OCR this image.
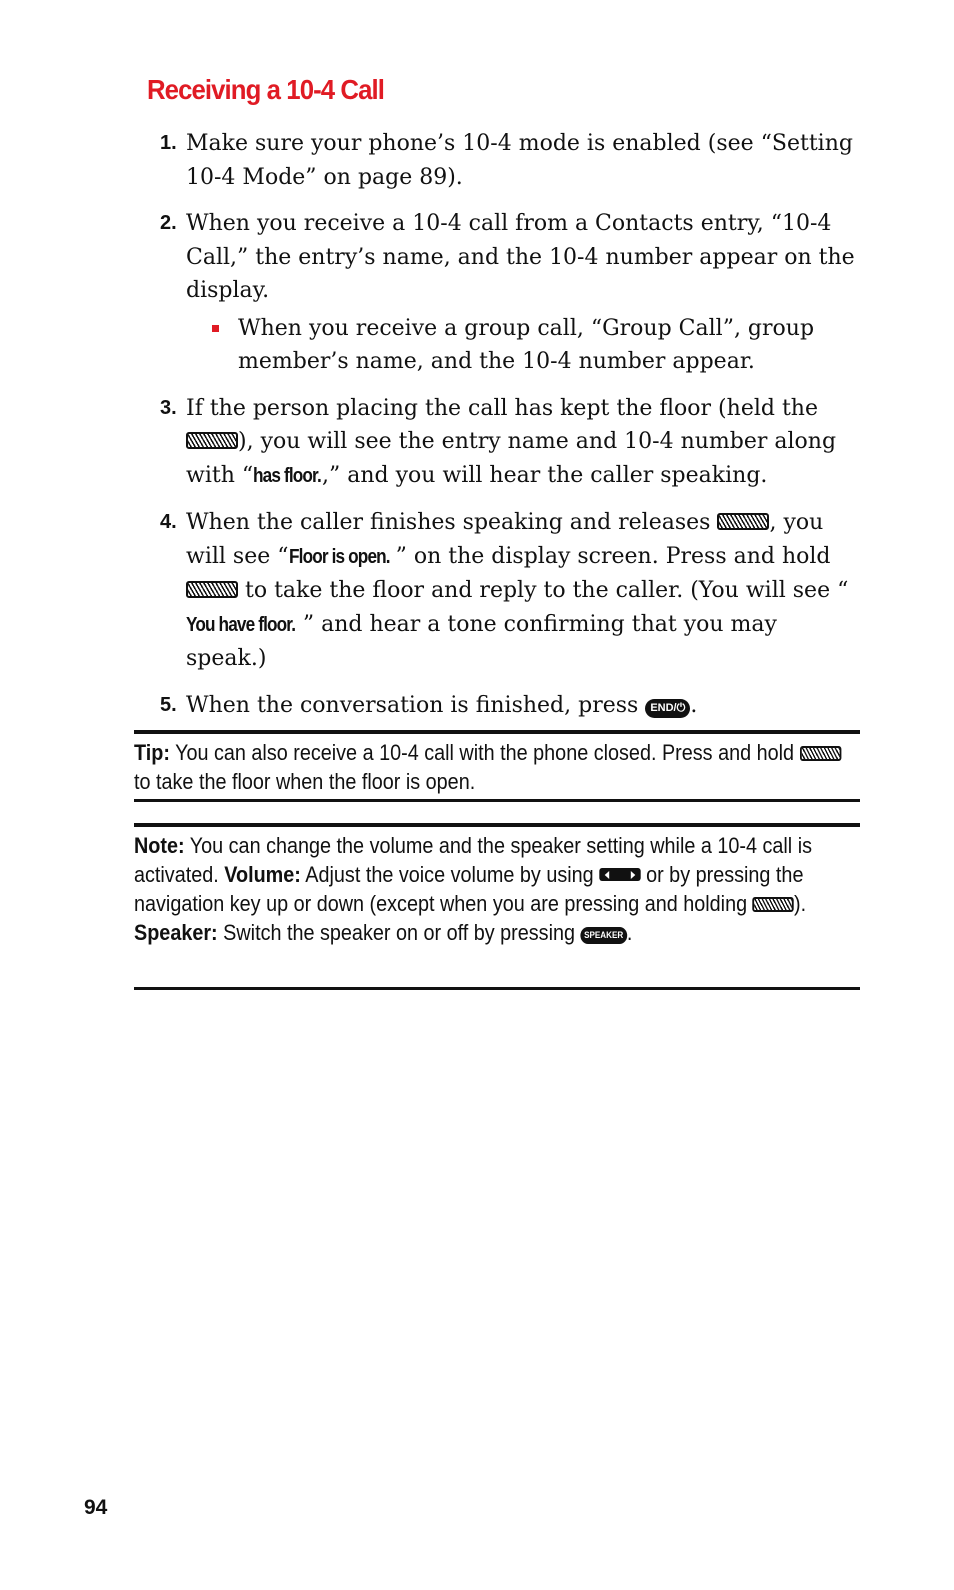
Receiving a 10-4 Call
1. Make sure your phone’s 10-4 mode is enabled (see “Setting 10-4 Mode” on page 89).
2. When you receive a 10-4 call from a Contacts entry, “10-4 Call,” the entry’s name, and the 10-4 number appear on the display.
When you receive a group call, “Group Call”, group member’s name, and the 10-4 number appear.
3. If the person placing the call has kept the floor (held the ), you will see the entry name and 10-4 number along with “has floor.,” and you will hear the caller speaking.
4. When the caller finishes speaking and releases , you will see “Floor is open. ” on the display screen. Press and hold  to take the floor and reply to the caller. (You will see “You have floor. ” and hear a tone confirming that you may speak.)
5. When the conversation is finished, press END/⏻ .
Tip: You can also receive a 10-4 call with the phone closed. Press and hold  to take the floor when the floor is open.
Note: You can change the volume and the speaker setting while a 10-4 call is activated. Volume: Adjust the voice volume by using  or by pressing the navigation key up or down (except when you are pressing and holding ). Speaker: Switch the speaker on or off by pressing SPEAKER .
94
